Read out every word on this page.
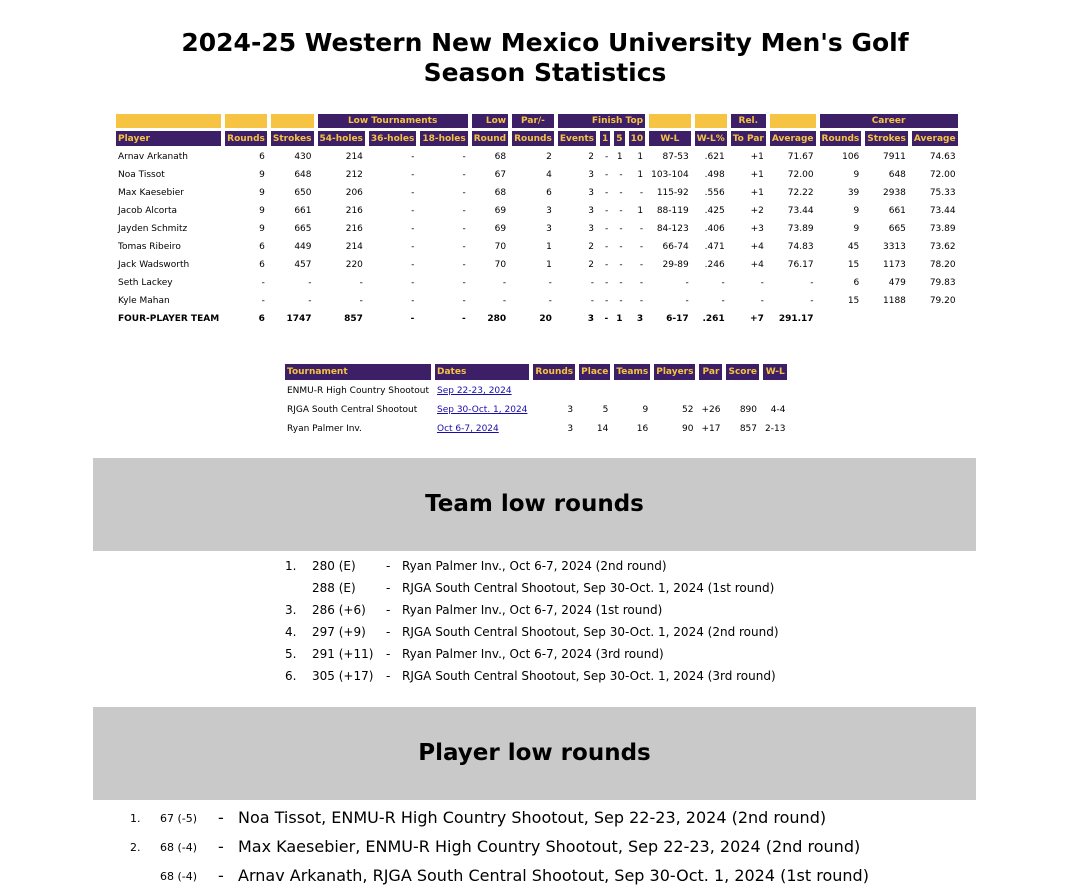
2024-25 Western New Mexico University Men's Golf
Season Statistics
			Low Tournaments			Low	Par/-	Finish Top						Rel.		Career		
Player	Rounds	Strokes	54-holes	36-holes	18-holes	Round	Rounds	Events	1	5	10	W-L	W-L%	To Par	Average	Rounds	Strokes	Average
Arnav Arkanath	6	430	214	-	-	68	2	2	-	1	1	87-53	.621	+1	71.67	106	7911	74.63
Noa Tissot	9	648	212	-	-	67	4	3	-	-	1	103-104	.498	+1	72.00	9	648	72.00
Max Kaesebier	9	650	206	-	-	68	6	3	-	-	-	115-92	.556	+1	72.22	39	2938	75.33
Jacob Alcorta	9	661	216	-	-	69	3	3	-	-	1	88-119	.425	+2	73.44	9	661	73.44
Jayden Schmitz	9	665	216	-	-	69	3	3	-	-	-	84-123	.406	+3	73.89	9	665	73.89
Tomas Ribeiro	6	449	214	-	-	70	1	2	-	-	-	66-74	.471	+4	74.83	45	3313	73.62
Jack Wadsworth	6	457	220	-	-	70	1	2	-	-	-	29-89	.246	+4	76.17	15	1173	78.20
Seth Lackey	-	-	-	-	-	-	-	-	-	-	-	-	-	-	-	6	479	79.83
Kyle Mahan	-	-	-	-	-	-	-	-	-	-	-	-	-	-	-	15	1188	79.20
FOUR-PLAYER TEAM	6	1747	857	-	-	280	20	3	-	1	3	6-17	.261	+7	291.17			
Tournament	Dates	Rounds	Place	Teams	Players	Par	Score	W-L
ENMU-R High Country Shootout	Sep 22-23, 2024							
RJGA South Central Shootout	Sep 30-Oct. 1, 2024	3	5	9	52	+26	890	4-4
Ryan Palmer Inv.	Oct 6-7, 2024	3	14	16	90	+17	857	2-13
Team low rounds
1. 280 (E)	- Ryan Palmer Inv., Oct 6-7, 2024 (2nd round)
288 (E)	- RJGA South Central Shootout, Sep 30-Oct. 1, 2024 (1st round)
3. 286 (+6) - Ryan Palmer Inv., Oct 6-7, 2024 (1st round)
4. 297 (+9) - RJGA South Central Shootout, Sep 30-Oct. 1, 2024 (2nd round)
5. 291 (+11) - Ryan Palmer Inv., Oct 6-7, 2024 (3rd round)
6. 305 (+17) - RJGA South Central Shootout, Sep 30-Oct. 1, 2024 (3rd round)
Player low rounds
1. 67 (-5) - Noa Tissot, ENMU-R High Country Shootout, Sep 22-23, 2024 (2nd round)
2. 68 (-4) - Max Kaesebier, ENMU-R High Country Shootout, Sep 22-23, 2024 (2nd round)
68 (-4) - Arnav Arkanath, RJGA South Central Shootout, Sep 30-Oct. 1, 2024 (1st round)
